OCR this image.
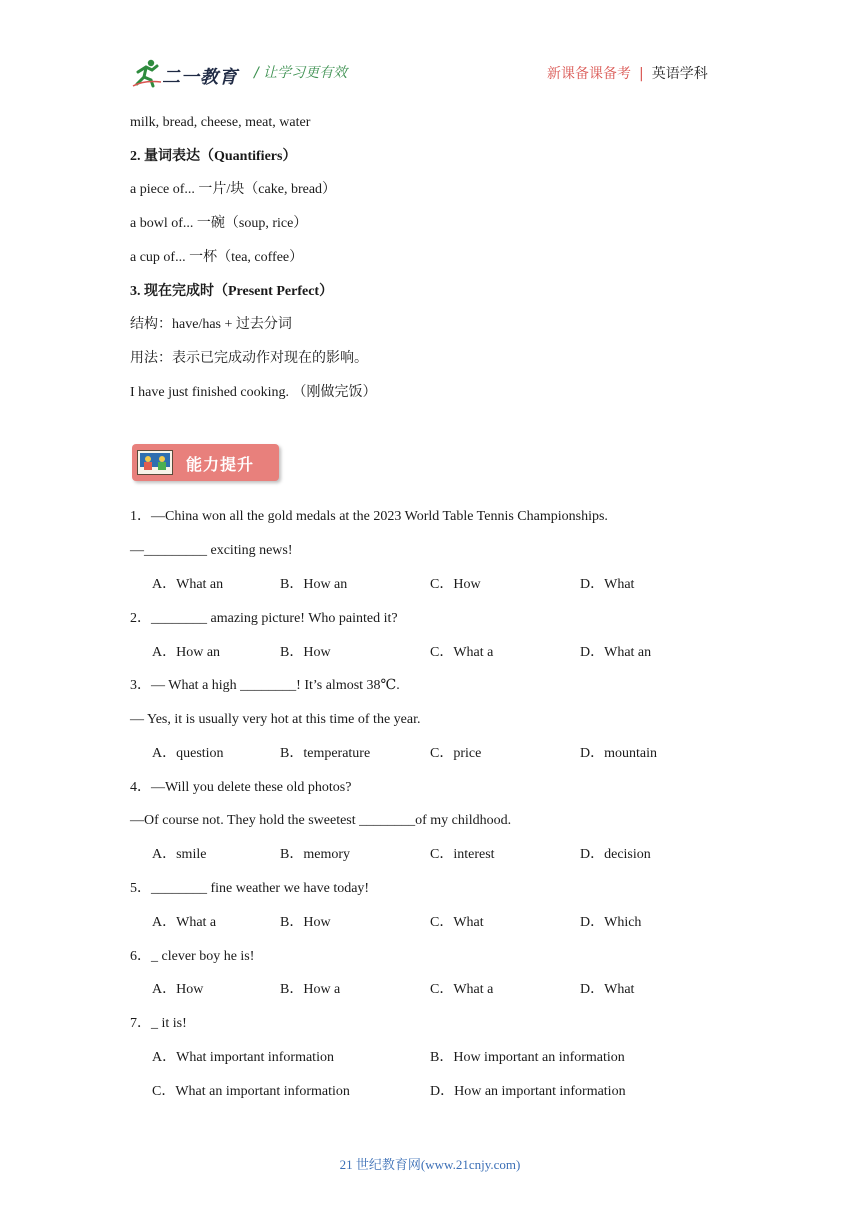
二一教育 / 让学习更有效	新课备课备考 | 英语学科
milk, bread, cheese, meat, water
2. 量词表达（Quantifiers）
a piece of... 一片/块（cake, bread）
a bowl of... 一碗（soup, rice）
a cup of... 一杯（tea, coffee）
3. 现在完成时（Present Perfect）
结构：have/has + 过去分词
用法：表示已完成动作对现在的影响。
I have just finished cooking. （刚做完饭）
能力提升
1．—China won all the gold medals at the 2023 World Table Tennis Championships.
—_________ exciting news!
A．What an	B．How an	C．How	D．What
2．________ amazing picture! Who painted it?
A．How an	B．How	C．What a	D．What an
3．— What a high ________! It’s almost 38℃.
— Yes, it is usually very hot at this time of the year.
A．question	B．temperature	C．price	D．mountain
4．—Will you delete these old photos?
—Of course not. They hold the sweetest ________of my childhood.
A．smile	B．memory	C．interest	D．decision
5．________ fine weather we have today!
A．What a	B．How	C．What	D．Which
6．_ clever boy he is!
A．How	B．How a	C．What a	D．What
7．_ it is!
A．What important information	B．How important an information
C．What an important information	D．How an important information
21 世纪教育网(www.21cnjy.com)
